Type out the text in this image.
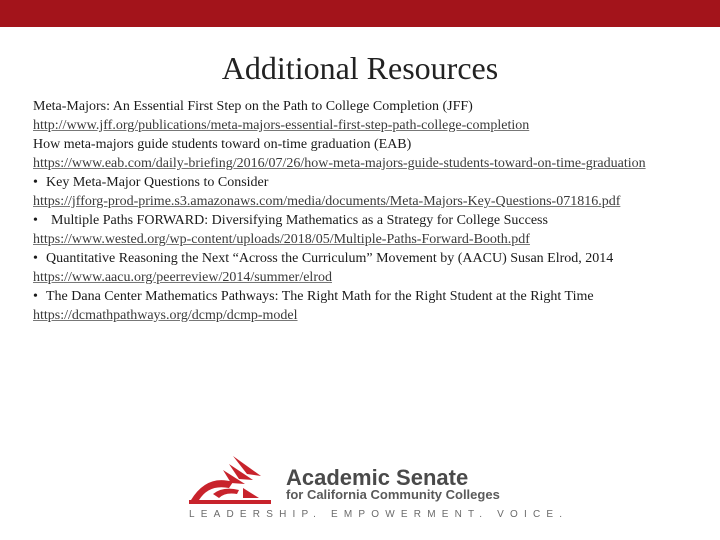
Additional Resources
Meta-Majors: An Essential First Step on the Path to College Completion (JFF)
http://www.jff.org/publications/meta-majors-essential-first-step-path-college-completion
How meta-majors guide students toward on-time graduation (EAB)
https://www.eab.com/daily-briefing/2016/07/26/how-meta-majors-guide-students-toward-on-time-graduation
• Key Meta-Major Questions to Consider
https://jfforg-prod-prime.s3.amazonaws.com/media/documents/Meta-Majors-Key-Questions-071816.pdf
• Multiple Paths FORWARD: Diversifying Mathematics as a Strategy for College Success
https://www.wested.org/wp-content/uploads/2018/05/Multiple-Paths-Forward-Booth.pdf
• Quantitative Reasoning the Next “Across the Curriculum” Movement by (AACU) Susan Elrod, 2014
https://www.aacu.org/peerreview/2014/summer/elrod
• The Dana Center Mathematics Pathways: The Right Math for the Right Student at the Right Time
https://dcmathpathways.org/dcmp/dcmp-model
Academic Senate
for California Community Colleges
LEADERSHIP. EMPOWERMENT. VOICE.
